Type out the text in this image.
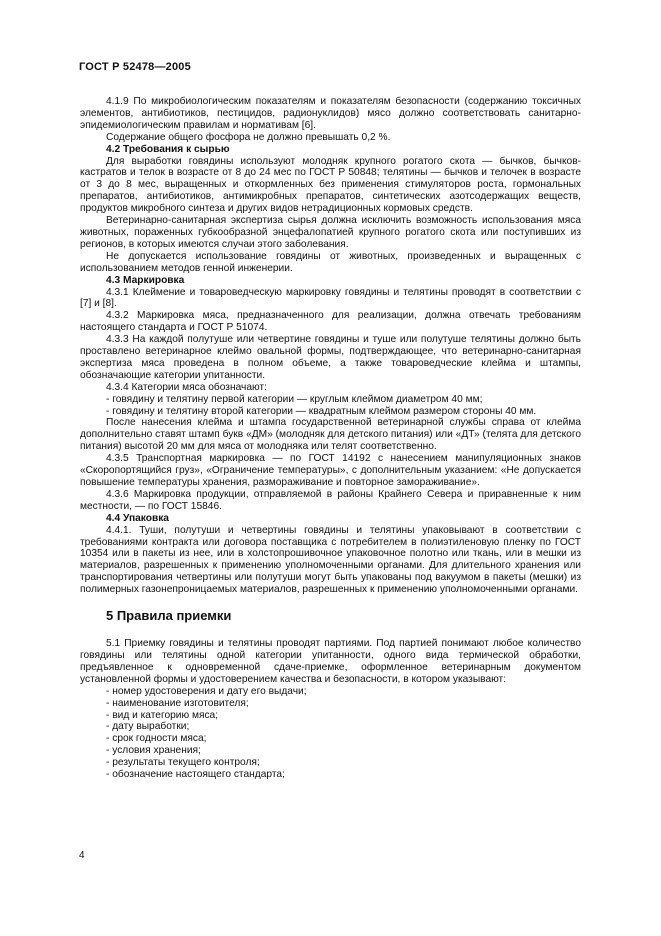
ГОСТ Р 52478—2005

4.1.9 По микробиологическим показателям и показателям безопасности (содержанию токсичных элементов, антибиотиков, пестицидов, радионуклидов) мясо должно соответствовать санитарно-эпидемиологическим правилам и нормативам [6].

Содержание общего фосфора не должно превышать 0,2 %.

4.2 Требования к сырью

Для выработки говядины используют молодняк крупного рогатого скота — бычков, бычков-кастратов и телок в возрасте от 8 до 24 мес по ГОСТ Р 50848; телятины — бычков и телочек в возрасте от 3 до 8 мес, выращенных и откормленных без применения стимуляторов роста, гормональных препаратов, антибиотиков, антимикробных препаратов, синтетических азотсодержащих веществ, продуктов микробного синтеза и других видов нетрадиционных кормовых средств.

Ветеринарно-санитарная экспертиза сырья должна исключить возможность использования мяса животных, пораженных губкообразной энцефалопатией крупного рогатого скота или поступивших из регионов, в которых имеются случаи этого заболевания.

Не допускается использование говядины от животных, произведенных и выращенных с использованием методов генной инженерии.

4.3 Маркировка

4.3.1 Клеймение и товароведческую маркировку говядины и телятины проводят в соответствии с [7] и [8].

4.3.2 Маркировка мяса, предназначенного для реализации, должна отвечать требованиям настоящего стандарта и ГОСТ Р 51074.

4.3.3 На каждой полутуше или четвертине говядины и туше или полутуше телятины должно быть проставлено ветеринарное клеймо овальной формы, подтверждающее, что ветеринарно-санитарная экспертиза мяса проведена в полном объеме, а также товароведческие клейма и штампы, обозначающие категории упитанности.

4.3.4 Категории мяса обозначают:

- говядину и телятину первой категории — круглым клеймом диаметром 40 мм;

- говядину и телятину второй категории — квадратным клеймом размером стороны 40 мм.

После нанесения клейма и штампа государственной ветеринарной службы справа от клейма дополнительно ставят штамп букв «ДМ» (молодняк для детского питания) или «ДТ» (телята для детского питания) высотой 20 мм для мяса от молодняка или телят соответственно.

4.3.5 Транспортная маркировка — по ГОСТ 14192 с нанесением манипуляционных знаков «Скоропортящийся груз», «Ограничение температуры», с дополнительным указанием: «Не допускается повышение температуры хранения, размораживание и повторное замораживание».

4.3.6 Маркировка продукции, отправляемой в районы Крайнего Севера и приравненные к ним местности, — по ГОСТ 15846.

4.4 Упаковка

4.4.1. Туши, полутуши и четвертины говядины и телятины упаковывают в соответствии с требованиями контракта или договора поставщика с потребителем в полиэтиленовую пленку по ГОСТ 10354 или в пакеты из нее, или в холстопрошивочное упаковочное полотно или ткань, или в мешки из материалов, разрешенных к применению уполномоченными органами. Для длительного хранения или транспортирования четвертины или полутуши могут быть упакованы под вакуумом в пакеты (мешки) из полимерных газонепроницаемых материалов, разрешенных к применению уполномоченными органами.

5 Правила приемки

5.1 Приемку говядины и телятины проводят партиями. Под партией понимают любое количество говядины или телятины одной категории упитанности, одного вида термической обработки, предъявленное к одновременной сдаче-приемке, оформленное ветеринарным документом установленной формы и удостоверением качества и безопасности, в котором указывают:

- номер удостоверения и дату его выдачи;

- наименование изготовителя;

- вид и категорию мяса;

- дату выработки;

- срок годности мяса;

- условия хранения;

- результаты текущего контроля;

- обозначение настоящего стандарта;

4
